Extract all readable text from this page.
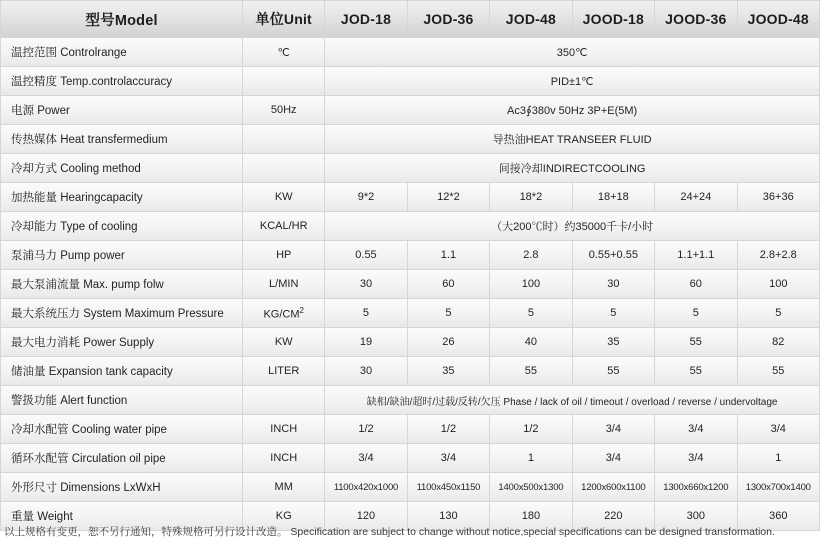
型号Model	单位Unit	JOD-18	JOD-36	JOD-48	JOOD-18	JOOD-36	JOOD-48
温控范围 Controlrange	℃	350℃					
温控精度 Temp.controlaccuracy		PID±1℃					
电源 Power	50Hz	Ac3∮380v 50Hz 3P+E(5M)					
传热媒体 Heat transfermedium		导热油HEAT TRANSEER FLUID					
冷却方式 Cooling method		间接冷却INDIRECTCOOLING					
加热能量 Hearingcapacity	KW	9*2	12*2	18*2	18+18	24+24	36+36
冷却能力 Type of cooling	KCAL/HR	（大200℃时）约35000千卡/小时					
泵浦马力 Pump power	HP	0.55	1.1	2.8	0.55+0.55	1.1+1.1	2.8+2.8
最大泵浦流量 Max. pump folw	L/MIN	30	60	100	30	60	100
最大系统压力 System Maximum Pressure	$KG/CM^2$	5	5	5	5	5	5
最大电力消耗 Power Supply	KW	19	26	40	35	55	82
储油量 Expansion tank capacity	LITER	30	35	55	55	55	55
警扱功能 Alert function		缺相/缺油/超时/过载/反转/欠压 Phase / lack of oil / timeout / overload / reverse / undervoltage					
冷却水配管 Cooling water pipe	INCH	1/2	1/2	1/2	3/4	3/4	3/4
循环水配管 Circulation oil pipe	INCH	3/4	3/4	1	3/4	3/4	1
外形尺寸 Dimensions LxWxH	MM	1100x420x1000	1100x450x1150	1400x500x1300	1200x600x1100	1300x660x1200	1300x700x1400
重量 Weight	KG	120	130	180	220	300	360
以上规格有变更，恕不另行通知，特殊规格可另行设计改造。 Specification are subject to change without notice,special specifications can be designed transformation.
